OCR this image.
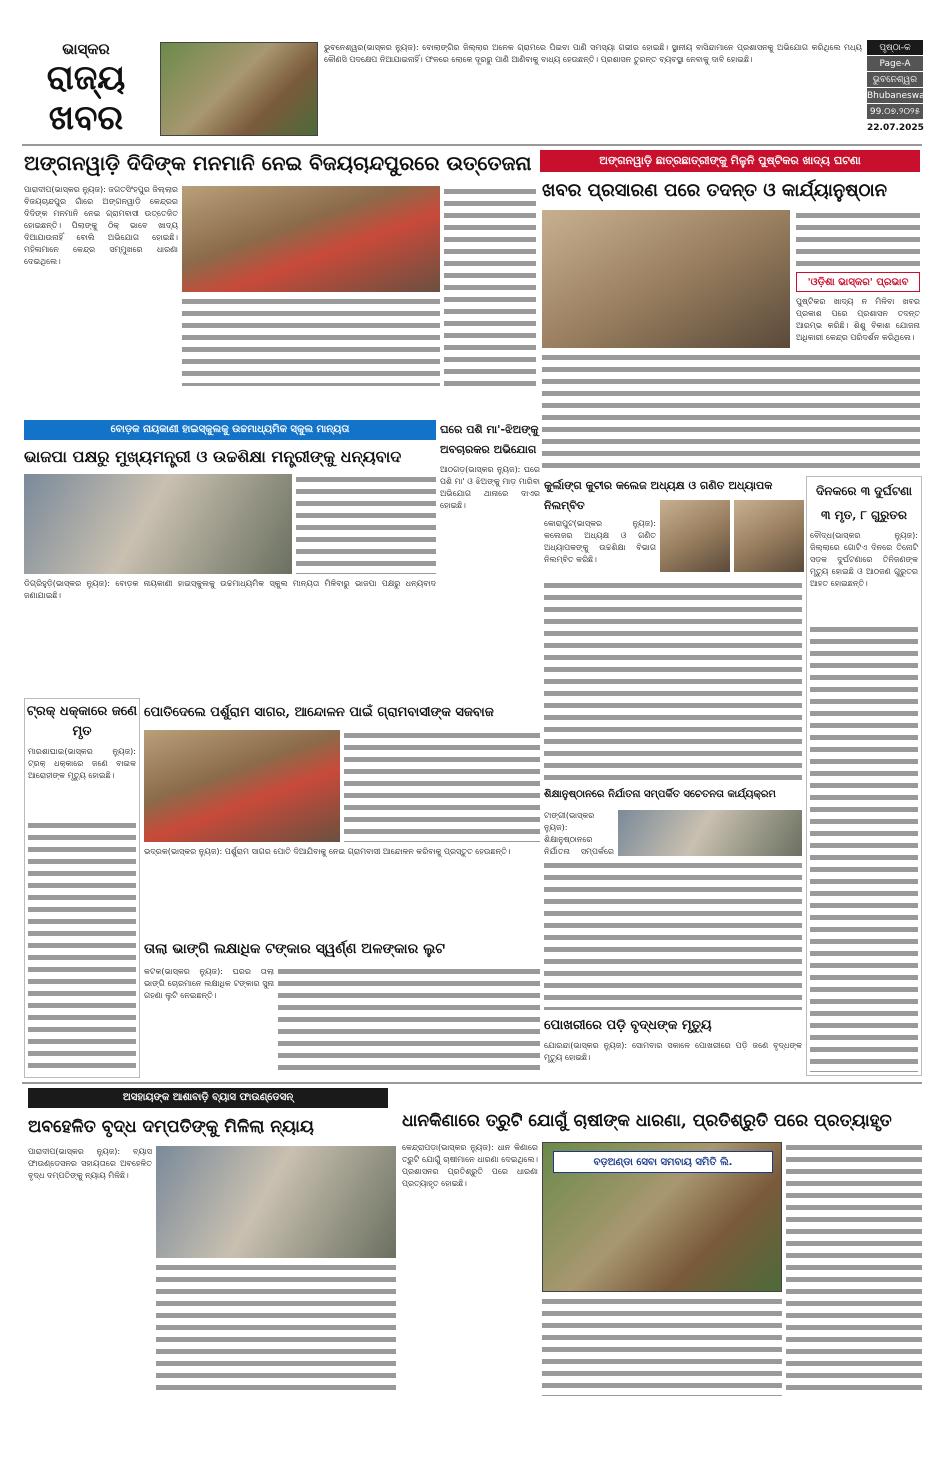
ଭାସ୍କର
ରାଜ୍ୟ
ଖବର
ଭୁବନେଶ୍ୱର(ଭାସ୍କର ନ୍ୟୁଜ): ବୋଲାଙ୍ଗିର ଜିଲ୍ଲାର ଅନେକ ଗ୍ରାମରେ ପିଇବା ପାଣି ସମସ୍ୟା ଗଭୀର ହୋଇଛି। ସ୍ଥାନୀୟ ବାସିନ୍ଦାମାନେ ପ୍ରଶାସନକୁ ଅଭିଯୋଗ କରିଥିଲେ ମଧ୍ୟ କୌଣସି ପଦକ୍ଷେପ ନିଆଯାଇନାହିଁ। ଫଳରେ ଲୋକେ ଦୂରରୁ ପାଣି ଆଣିବାକୁ ବାଧ୍ୟ ହେଉଛନ୍ତି। ପ୍ରଶାସନ ତୁରନ୍ତ ବ୍ୟବସ୍ଥା ନେବାକୁ ଦାବି ହୋଇଛି।
ପୃଷ୍ଠା-କ
Page-A
ଭୁବନେଶ୍ୱର
Bhubaneswar
99.୦୭.୨୦୨୫
22.07.2025
ଅଙ୍ଗନୱାଡ଼ି ଦିଦିଙ୍କ ମନମାନି ନେଇ ବିଜୟଚାନ୍ଦପୁରରେ ଉତ୍ତେଜନା
ପାରାଦୀପ(ଭାସ୍କର ନ୍ୟୁଜ): ଜଗତସିଂହପୁର ଜିଲ୍ଲାର ବିଜୟଚାନ୍ଦପୁର ଗାଁରେ ଅଙ୍ଗନୱାଡ଼ି କେନ୍ଦ୍ରର ଦିଦିଙ୍କ ମନମାନି ନେଇ ଗ୍ରାମବାସୀ ଉତ୍ତେଜିତ ହୋଇଛନ୍ତି। ପିଲାଙ୍କୁ ଠିକ୍ ଭାବେ ଖାଦ୍ୟ ଦିଆଯାଉନାହିଁ ବୋଲି ଅଭିଯୋଗ ହୋଇଛି। ମହିଳାମାନେ କେନ୍ଦ୍ର ସମ୍ମୁଖରେ ଧାରଣା ଦେଇଥିଲେ।
ଅଙ୍ଗନୱାଡ଼ି ଛାତ୍ରଛାତ୍ରୀଙ୍କୁ ମିଳୁନି ପୁଷ୍ଟିକର ଖାଦ୍ୟ ଘଟଣା
ଖବର ପ୍ରସାରଣ ପରେ ତଦନ୍ତ ଓ କାର୍ଯ୍ୟାନୁଷ୍ଠାନ
'ଓଡ଼ିଶା ଭାସ୍କର' ପ୍ରଭାବ
ପୁଷ୍ଟିକର ଖାଦ୍ୟ ନ ମିଳିବା ଖବର ପ୍ରକାଶ ପରେ ପ୍ରଶାସନ ତଦନ୍ତ ଆରମ୍ଭ କରିଛି। ଶିଶୁ ବିକାଶ ଯୋଜନା ଅଧିକାରୀ କେନ୍ଦ୍ର ପରିଦର୍ଶନ କରିଥିଲେ।
ବୋଡ଼କ ନାୟକାଣୀ ହାଇସ୍କୁଲକୁ ଉଚ୍ଚମାଧ୍ୟମିକ ସ୍କୁଲ ମାନ୍ୟତା
ଭାଜପା ପକ୍ଷରୁ ମୁଖ୍ୟମନ୍ତ୍ରୀ ଓ ଉଚ୍ଚଶିକ୍ଷା ମନ୍ତ୍ରୀଙ୍କୁ ଧନ୍ୟବାଦ
ଡିଗ୍ରିହୁଡ଼ି(ଭାସ୍କର ନ୍ୟୁଜ): ବୋଡ଼କ ନାୟକାଣୀ ହାଇସ୍କୁଲକୁ ଉଚ୍ଚମାଧ୍ୟମିକ ସ୍କୁଲ ମାନ୍ୟତା ମିଳିବାରୁ ଭାଜପା ପକ୍ଷରୁ ଧନ୍ୟବାଦ ଜଣାଯାଇଛି।
ଘରେ ପଶି ମା'-ଝିଅଙ୍କୁ ଅବଚାରକର ଅଭିଯୋଗ
ଆଠଗଡ଼(ଭାସ୍କର ନ୍ୟୁଜ): ଘରେ ପଶି ମା' ଓ ଝିଅଙ୍କୁ ମାଡ଼ ମାରିବା ଅଭିଯୋଗ ଥାନାରେ ଦାଏର ହୋଇଛି।
କୁର୍ଲାଙ୍ଗ କୁଟୀର କଲେଜ ଅଧ୍ୟକ୍ଷ ଓ ଗଣିତ ଅଧ୍ୟାପକ ନିଲମ୍ବିତ
କୋରାପୁଟ(ଭାସ୍କର ନ୍ୟୁଜ): କଲେଜର ଅଧ୍ୟକ୍ଷ ଓ ଗଣିତ ଅଧ୍ୟାପକଙ୍କୁ ଉଚ୍ଚଶିକ୍ଷା ବିଭାଗ ନିଲମ୍ବିତ କରିଛି।
ଦିନକରେ ୩ ଦୁର୍ଘଟଣା
୩ ମୃତ, ୮ ଗୁରୁତର
ବୌଦ୍ଧ(ଭାସ୍କର ନ୍ୟୁଜ): ଜିଲ୍ଲାରେ ଗୋଟିଏ ଦିନରେ ତିନୋଟି ସଡ଼କ ଦୁର୍ଘଟଣାରେ ତିନିଜଣଙ୍କ ମୃତ୍ୟୁ ହୋଇଛି ଓ ଆଠଜଣ ଗୁରୁତର ଆହତ ହୋଇଛନ୍ତି।
ଟ୍ରକ୍ ଧକ୍କାରେ ଜଣେ ମୃତ
ମାରଶାଘାଇ(ଭାସ୍କର ନ୍ୟୁଜ): ଟ୍ରକ୍ ଧକ୍କାରେ ଜଣେ ବାଇକ ଆରୋହୀଙ୍କ ମୃତ୍ୟୁ ହୋଇଛି।
ପୋତିଦେଲେ ପର୍ଶୁରାମ ସାଗର, ଆନ୍ଦୋଳନ ପାଇଁ ଗ୍ରାମବାସୀଙ୍କ ସଜବାଜ
ଭଦ୍ରକ(ଭାସ୍କର ନ୍ୟୁଜ): ପର୍ଶୁରାମ ସାଗର ପୋତି ଦିଆଯିବାକୁ ନେଇ ଗ୍ରାମବାସୀ ଆନ୍ଦୋଳନ କରିବାକୁ ପ୍ରସ୍ତୁତ ହେଉଛନ୍ତି।
ଶିକ୍ଷାନୁଷ୍ଠାନରେ ନିର୍ଯାତନା ସମ୍ପର୍କିତ ସଚେତନତା କାର୍ଯ୍ୟକ୍ରମ
ଟାଙ୍ଗୀ(ଭାସ୍କର ନ୍ୟୁଜ): ଶିକ୍ଷାନୁଷ୍ଠାନରେ ନିର୍ଯାତନା ସମ୍ପର୍କରେ
ତାଲା ଭାଙ୍ଗି ଲକ୍ଷାଧିକ ଟଙ୍କାର ସ୍ୱର୍ଣ୍ଣ ଅଳଙ୍କାର ଲୁଟ
କଟକ(ଭାସ୍କର ନ୍ୟୁଜ): ଘରର ତାଲା ଭାଙ୍ଗି ଚୋରମାନେ ଲକ୍ଷାଧିକ ଟଙ୍କାର ସୁନା ଗହଣା ଲୁଟି ନେଇଛନ୍ତି।
ପୋଖରୀରେ ପଡ଼ି ବୃଦ୍ଧଙ୍କ ମୃତ୍ୟୁ
ଯୋରନ୍ଦା(ଭାସ୍କର ନ୍ୟୁଜ): ସୋମବାର ସକାଳେ ପୋଖରୀରେ ପଡ଼ି ଜଣେ ବୃଦ୍ଧଙ୍କ ମୃତ୍ୟୁ ହୋଇଛି।
ଅସହାୟଙ୍କ ଆଶାବାଡ଼ି ବ୍ୟାସ ଫାଉଣ୍ଡେସନ୍
ଅବହେଳିତ ବୃଦ୍ଧ ଦମ୍ପତିଙ୍କୁ ମିଳିଲା ନ୍ୟାୟ
ପାରାଦୀପ(ଭାସ୍କର ନ୍ୟୁଜ): ବ୍ୟାସ ଫାଉଣ୍ଡେସନର ସହାୟତାରେ ଅବହେଳିତ ବୃଦ୍ଧ ଦମ୍ପତିଙ୍କୁ ନ୍ୟାୟ ମିଳିଛି।
ଧାନକିଣାରେ ତ୍ରୁଟି ଯୋଗୁଁ ଚାଷୀଙ୍କ ଧାରଣା, ପ୍ରତିଶ୍ରୁତି ପରେ ପ୍ରତ୍ୟାହୃତ
କେନ୍ଦ୍ରାପଡ଼ା(ଭାସ୍କର ନ୍ୟୁଜ): ଧାନ କିଣାରେ ତ୍ରୁଟି ଯୋଗୁଁ ଚାଷୀମାନେ ଧାରଣା ଦେଇଥିଲେ। ପ୍ରଶାସନର ପ୍ରତିଶ୍ରୁତି ପରେ ଧାରଣା ପ୍ରତ୍ୟାହୃତ ହୋଇଛି।
ବଡ଼ଅଣ୍ଡା ସେବା ସମବାୟ ସମିତି ଲି.
